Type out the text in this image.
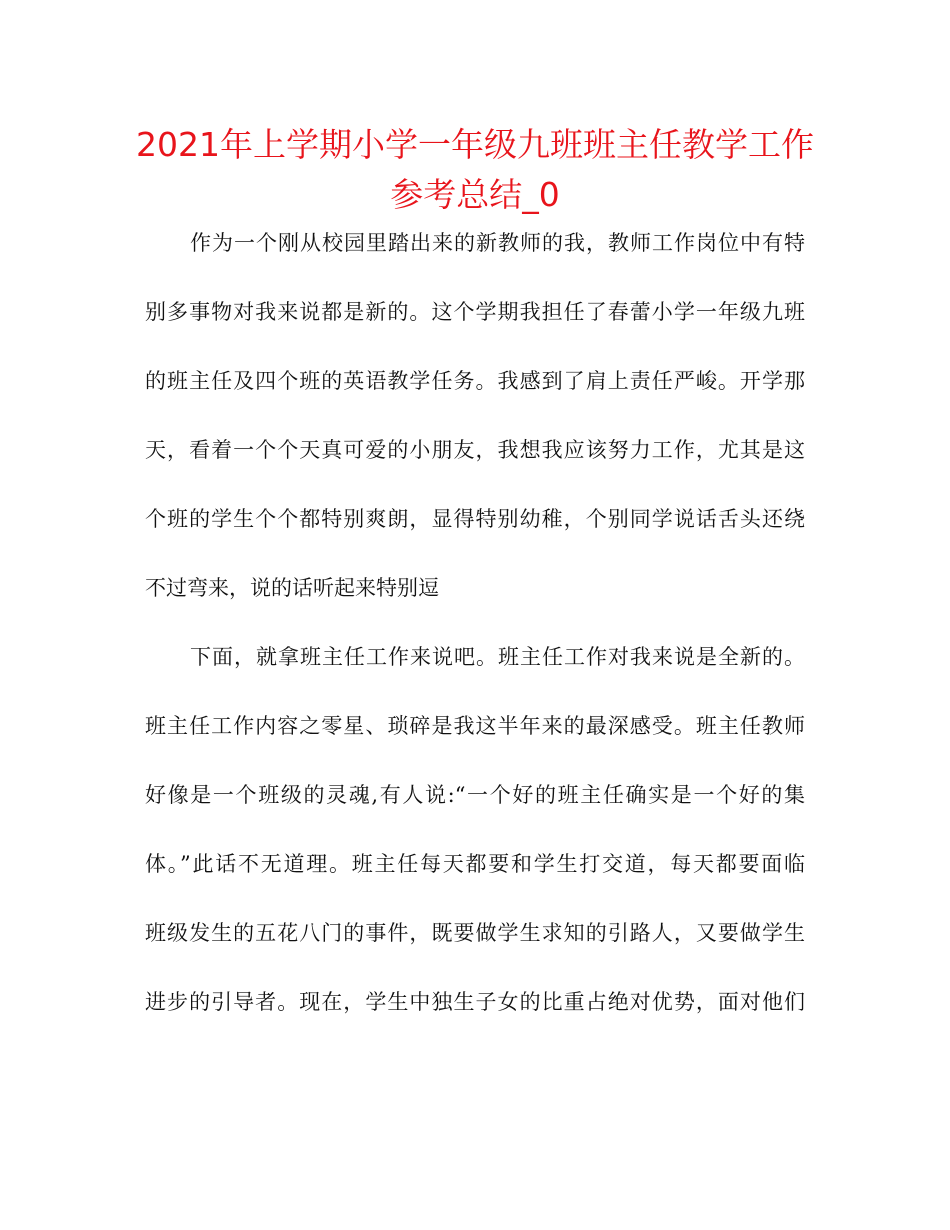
2021年上学期小学一年级九班班主任教学工作
参考总结_0
作为一个刚从校园里踏出来的新教师的我，教师工作岗位中有特
别多事物对我来说都是新的。这个学期我担任了春蕾小学一年级九班
的班主任及四个班的英语教学任务。我感到了肩上责任严峻。开学那
天，看着一个个天真可爱的小朋友，我想我应该努力工作，尤其是这
个班的学生个个都特别爽朗，显得特别幼稚，个别同学说话舌头还绕
不过弯来，说的话听起来特别逗
下面，就拿班主任工作来说吧。班主任工作对我来说是全新的。
班主任工作内容之零星、琐碎是我这半年来的最深感受。班主任教师
好像是一个班级的灵魂,有人说:“一个好的班主任确实是一个好的集
体。”此话不无道理。班主任每天都要和学生打交道，每天都要面临
班级发生的五花八门的事件，既要做学生求知的引路人，又要做学生
进步的引导者。现在，学生中独生子女的比重占绝对优势，面对他们
